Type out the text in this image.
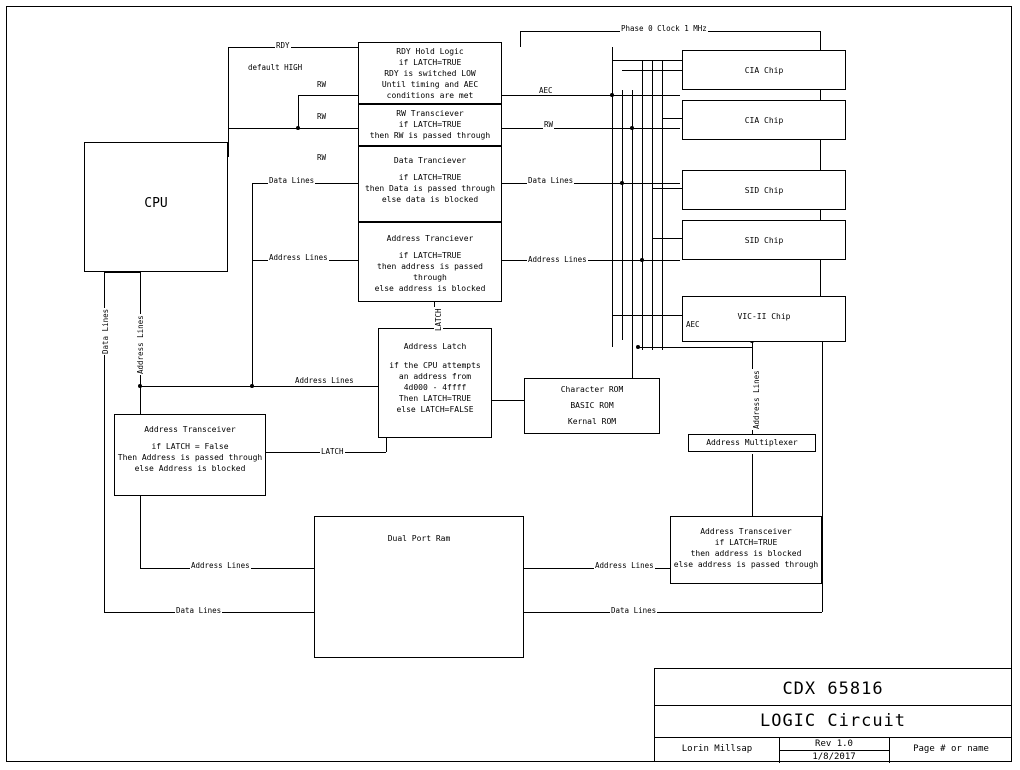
CPU
RDY Hold Logic
if LATCH=TRUE
RDY is switched LOW
Until timing and AEC
conditions are met
RW Transciever
if LATCH=TRUE
then RW is passed through
Data Tranciever
if LATCH=TRUE
then Data is passed through
else data is blocked
Address Tranciever
if LATCH=TRUE
then address is passed through
else address is blocked
Address Latch
if the CPU attempts
an address from
4d000 - 4ffff
Then LATCH=TRUE
else LATCH=FALSE
Address Transceiver
if LATCH = False
Then Address is passed through
else Address is blocked
Dual Port Ram
Address Transceiver
if LATCH=TRUE
then address is blocked
else address is passed through
Address Multiplexer
Character ROM
BASIC ROM
Kernal ROM
CIA Chip
CIA Chip
SID Chip
SID Chip
VIC-II Chip
Phase 0 Clock 1 MHz
RDY
default HIGH
RW
RW
RW
AEC
RW
Data Lines	Data Lines
Address Lines	Address Lines
AEC
Address Lines
LATCH
Address Lines	Address Lines
Data Lines	Data Lines
Data Lines	Address Lines	LATCH
Address Lines
CDX 65816
LOGIC Circuit
Lorin Millsap	Rev 1.0
1/8/2017
Page # or name
